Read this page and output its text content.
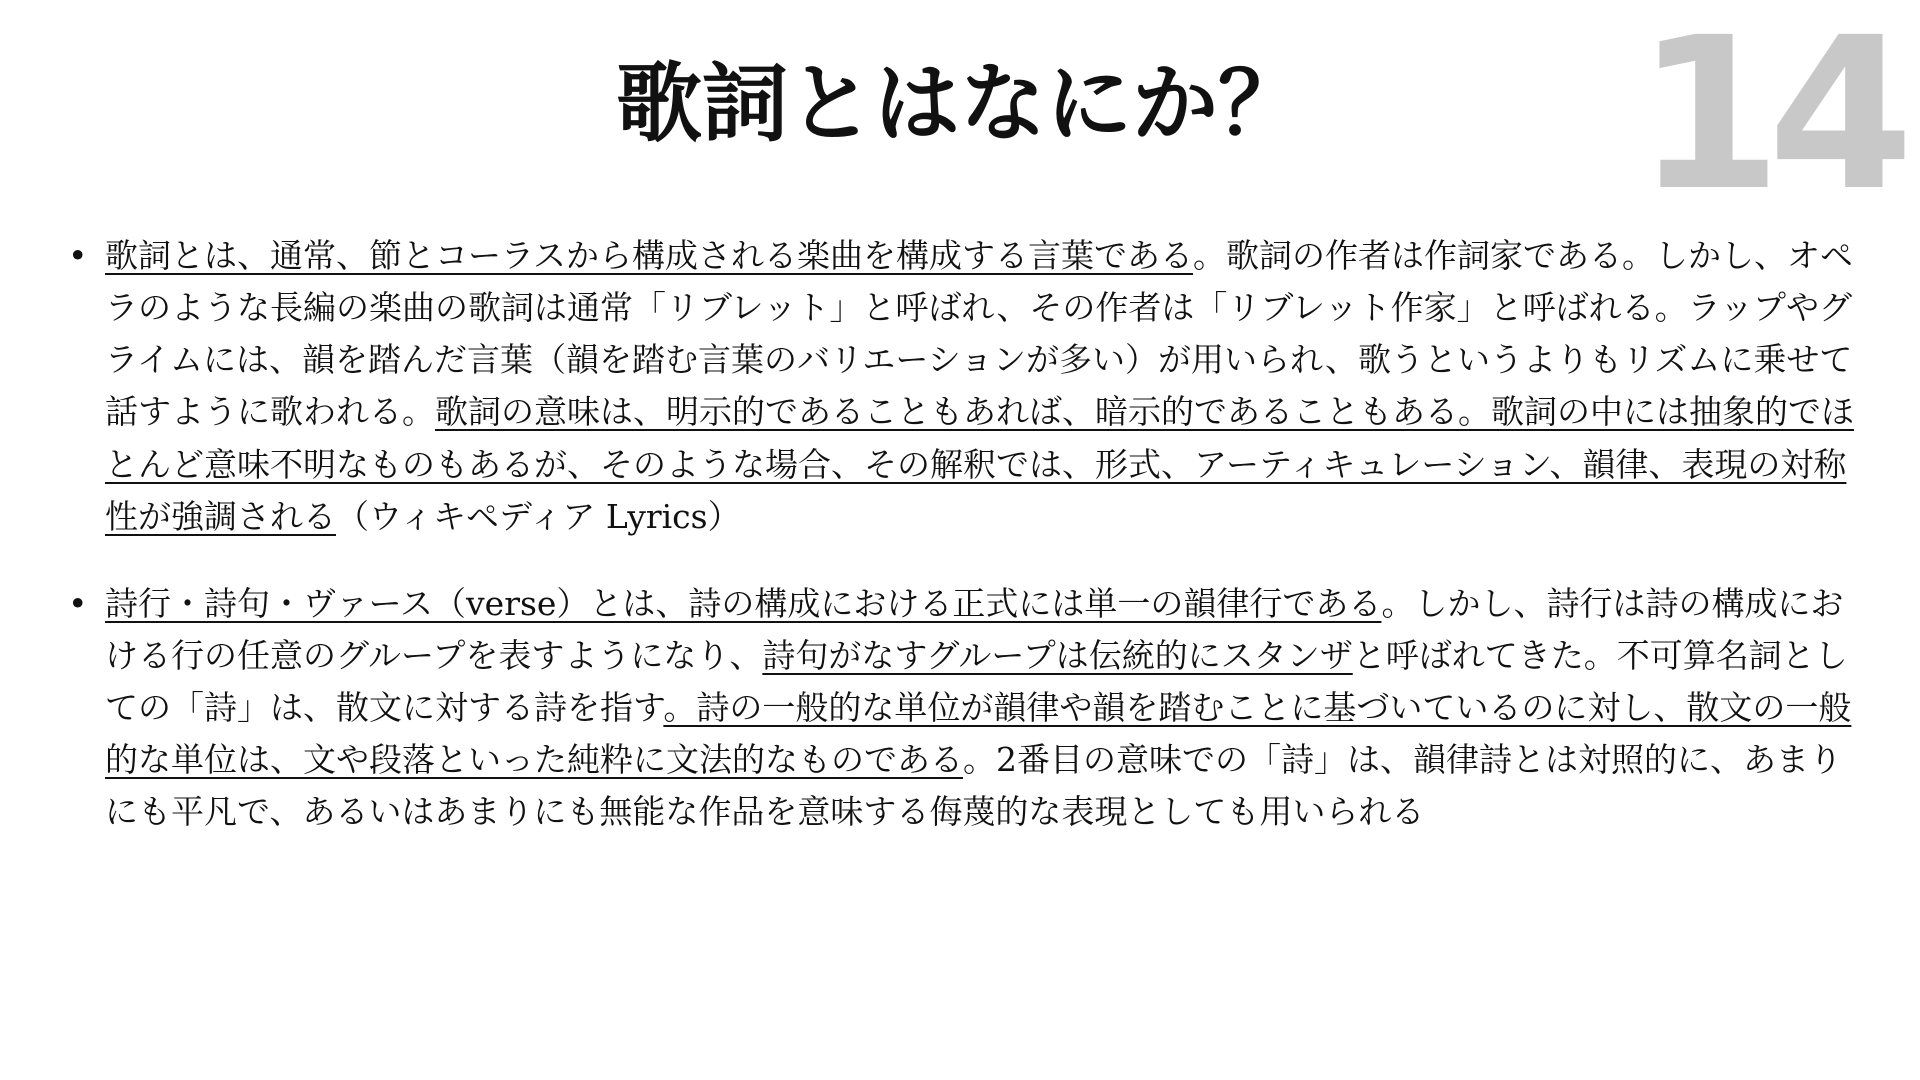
14
歌詞とはなにか？
• 歌詞とは、通常、節とコーラスから構成される楽曲を構成する言葉である。歌詞の作者は作詞家である。しかし、オペラのような長編の楽曲の歌詞は通常「リブレット」と呼ばれ、その作者は「リブレット作家」と呼ばれる。ラップやグライムには、韻を踏んだ言葉（韻を踏む言葉のバリエーションが多い）が用いられ、歌うというよりもリズムに乗せて話すように歌われる。歌詞の意味は、明示的であることもあれば、暗示的であることもある。歌詞の中には抽象的でほとんど意味不明なものもあるが、そのような場合、その解釈では、形式、アーティキュレーション、韻律、表現の対称性が強調される（ウィキペディア Lyrics）
• 詩行・詩句・ヴァース（verse）とは、詩の構成における正式には単一の韻律行である。しかし、詩行は詩の構成における行の任意のグループを表すようになり、詩句がなすグループは伝統的にスタンザと呼ばれてきた。不可算名詞としての「詩」は、散文に対する詩を指す。詩の一般的な単位が韻律や韻を踏むことに基づいているのに対し、散文の一般的な単位は、文や段落といった純粋に文法的なものである。2番目の意味での「詩」は、韻律詩とは対照的に、あまりにも平凡で、あるいはあまりにも無能な作品を意味する侮蔑的な表現としても用いられる
